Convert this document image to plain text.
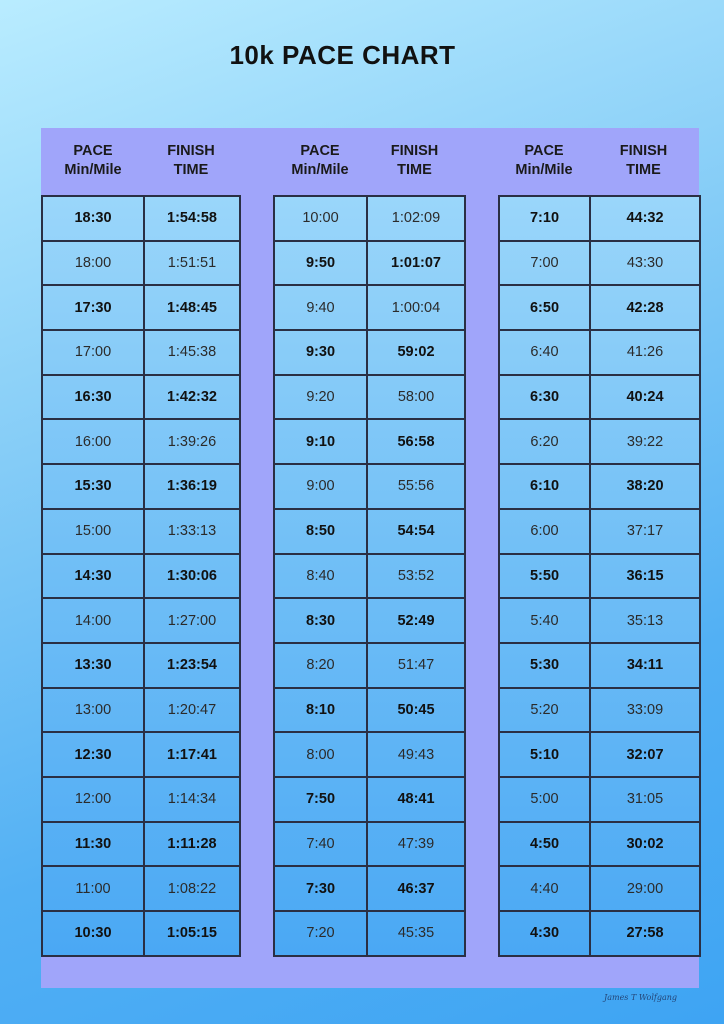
10k PACE CHART
PACE
Min/Mile
FINISH
TIME
PACE
Min/Mile
FINISH
TIME
PACE
Min/Mile
FINISH
TIME
18:30	1:54:58
18:00	1:51:51
17:30	1:48:45
17:00	1:45:38
16:30	1:42:32
16:00	1:39:26
15:30	1:36:19
15:00	1:33:13
14:30	1:30:06
14:00	1:27:00
13:30	1:23:54
13:00	1:20:47
12:30	1:17:41
12:00	1:14:34
11:30	1:11:28
11:00	1:08:22
10:30	1:05:15
10:00	1:02:09
9:50	1:01:07
9:40	1:00:04
9:30	59:02
9:20	58:00
9:10	56:58
9:00	55:56
8:50	54:54
8:40	53:52
8:30	52:49
8:20	51:47
8:10	50:45
8:00	49:43
7:50	48:41
7:40	47:39
7:30	46:37
7:20	45:35
7:10	44:32
7:00	43:30
6:50	42:28
6:40	41:26
6:30	40:24
6:20	39:22
6:10	38:20
6:00	37:17
5:50	36:15
5:40	35:13
5:30	34:11
5:20	33:09
5:10	32:07
5:00	31:05
4:50	30:02
4:40	29:00
4:30	27:58
James T Wolfgang
